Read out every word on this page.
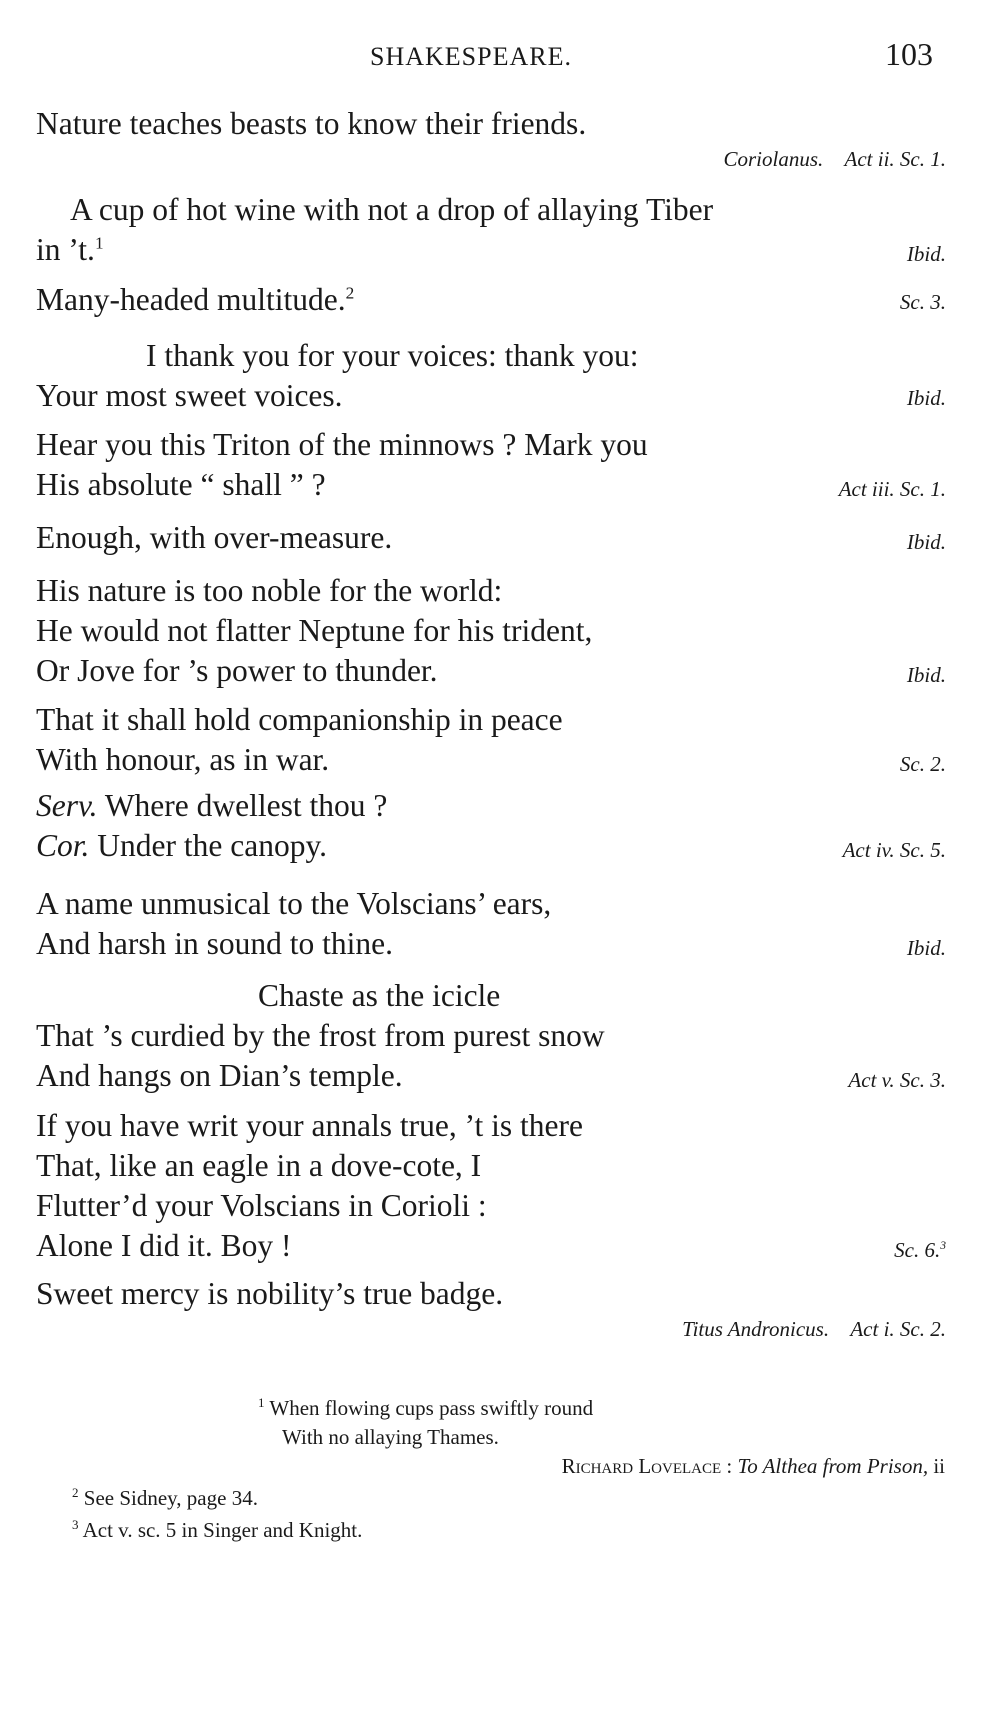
SHAKESPEARE.	103
Nature teaches beasts to know their friends.
Coriolanus. Act ii. Sc. 1.
A cup of hot wine with not a drop of allaying Tiber
in ’t.$^1$	Ibid.
Many-headed multitude.$^2$	Sc. 3.
I thank you for your voices: thank you:
Your most sweet voices.	Ibid.
Hear you this Triton of the minnows ? Mark you
His absolute “ shall ” ?	Act iii. Sc. 1.
Enough, with over-measure.	Ibid.
His nature is too noble for the world:
He would not flatter Neptune for his trident,
Or Jove for ’s power to thunder.	Ibid.
That it shall hold companionship in peace
With honour, as in war.	Sc. 2.
Serv. Where dwellest thou ?
Cor. Under the canopy.	Act iv. Sc. 5.
A name unmusical to the Volscians’ ears,
And harsh in sound to thine.	Ibid.
Chaste as the icicle
That ’s curdied by the frost from purest snow
And hangs on Dian’s temple.	Act v. Sc. 3.
If you have writ your annals true, ’t is there
That, like an eagle in a dove-cote, I
Flutter’d your Volscians in Corioli :
Alone I did it. Boy !	Sc. 6.$^3$
Sweet mercy is nobility’s true badge.
Titus Andronicus. Act i. Sc. 2.
$^1$ When flowing cups pass swiftly round
With no allaying Thames.
Richard Lovelace : To Althea from Prison, ii
$^2$ See Sidney, page 34.
$^3$ Act v. sc. 5 in Singer and Knight.
